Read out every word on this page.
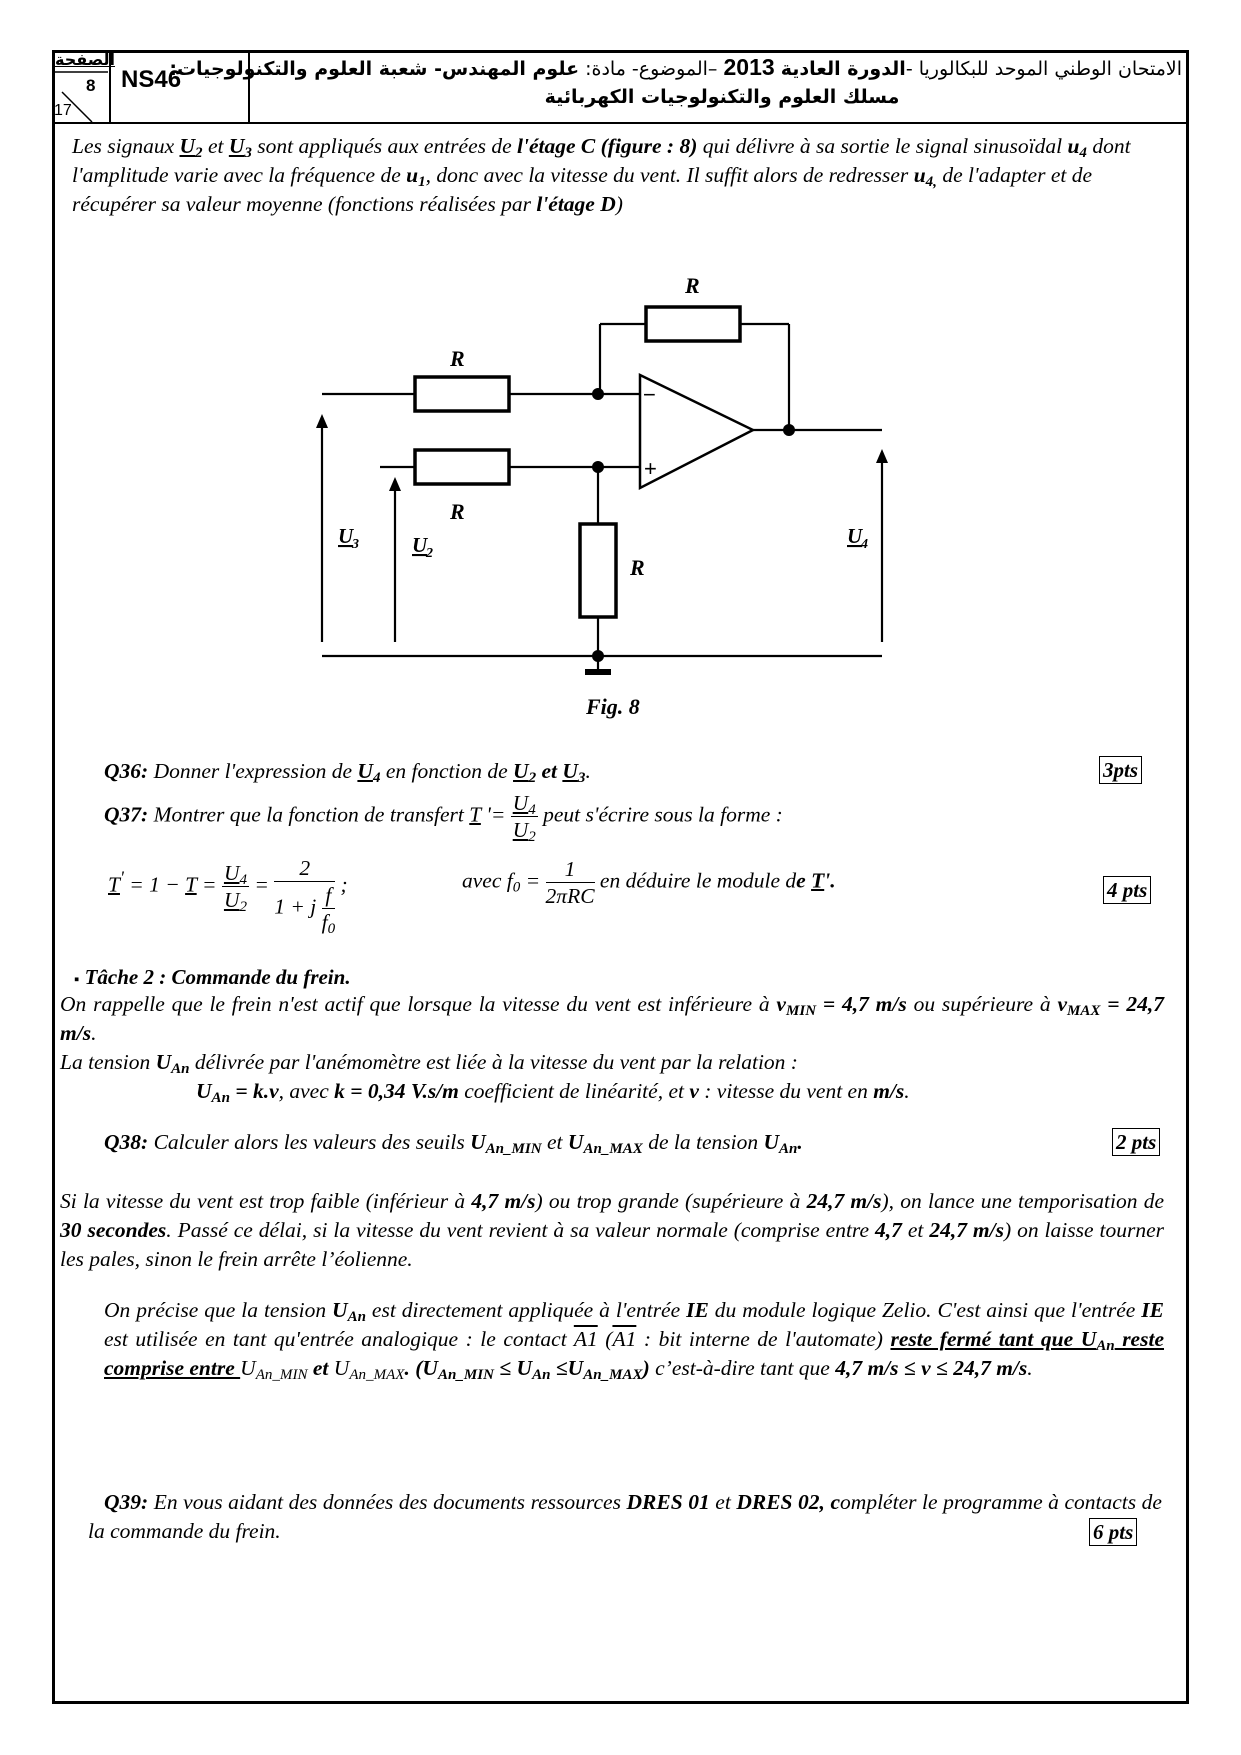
الصفحة
8
17
NS46	الامتحان الوطني الموحد للبكالوريا -الدورة العادية 2013 –الموضوع- مادة: علوم المهندس- شعبة العلوم والتكنولوجيات:
مسلك العلوم والتكنولوجيات الكهربائية
Les signaux $U_2$ et $U_3$ sont appliqués aux entrées de l'étage C (figure : 8) qui délivre à sa sortie le signal sinusoïdal $u_4$ dont l'amplitude varie avec la fréquence de $u_1$, donc avec la vitesse du vent. Il suffit alors de redresser $u_{4,}$ de l'adapter et de récupérer sa valeur moyenne (fonctions réalisées par l'étage D)
R
R
R
R
−
+
U
3	U
2
U
4
Fig. 8
Q36: Donner l'expression de $U_4$ en fonction de $U_2$ et $U_3$.	3pts
Q37: Montrer que la fonction de transfert T '= $\frac{U_4}{U_2}$ peut s'écrire sous la forme :
$T' = 1 - T = \frac{U_4}{U_2} = \frac{2}{1 + j \frac{f}{f_0}}$ ;	avec $f_0 = \frac{1}{\text{2πRC}}$ en déduire le module de T'.	4 pts
▪ Tâche 2 : Commande du frein.
On rappelle que le frein n'est actif que lorsque la vitesse du vent est inférieure à $v_{MIN} = 4,7$ m/s ou supérieure à $v_{MAX} = 24,7$ m/s.
La tension $U_{An}$ délivrée par l'anémomètre est liée à la vitesse du vent par la relation :
$U_{An} = k.v$, avec k = 0,34 V.s/m coefficient de linéarité, et v : vitesse du vent en m/s.
Q38: Calculer alors les valeurs des seuils $U_{An\_MIN}$ et $U_{An\_MAX}$ de la tension $U_{An}$.	2 pts
Si la vitesse du vent est trop faible (inférieur à 4,7 m/s) ou trop grande (supérieure à 24,7 m/s), on lance une temporisation de 30 secondes. Passé ce délai, si la vitesse du vent revient à sa valeur normale (comprise entre 4,7 et 24,7 m/s) on laisse tourner les pales, sinon le frein arrête l’éolienne.
On précise que la tension $U_{An}$ est directement appliquée à l'entrée IE du module logique Zelio. C'est ainsi que l'entrée IE est utilisée en tant qu'entrée analogique : le contact A1 (A1 : bit interne de l'automate) reste fermé tant que $U_{An}$ reste comprise entre $U_{An\_MIN}$ et $U_{An\_MAX}$. $(U_{An\_MIN} \le U_{An} \le U_{An\_MAX})$ c’est-à-dire tant que 4,7 m/s ≤ v ≤ 24,7 m/s.
Q39: En vous aidant des données des documents ressources DRES 01 et DRES 02, compléter le programme à contacts de la commande du frein.	6 pts
